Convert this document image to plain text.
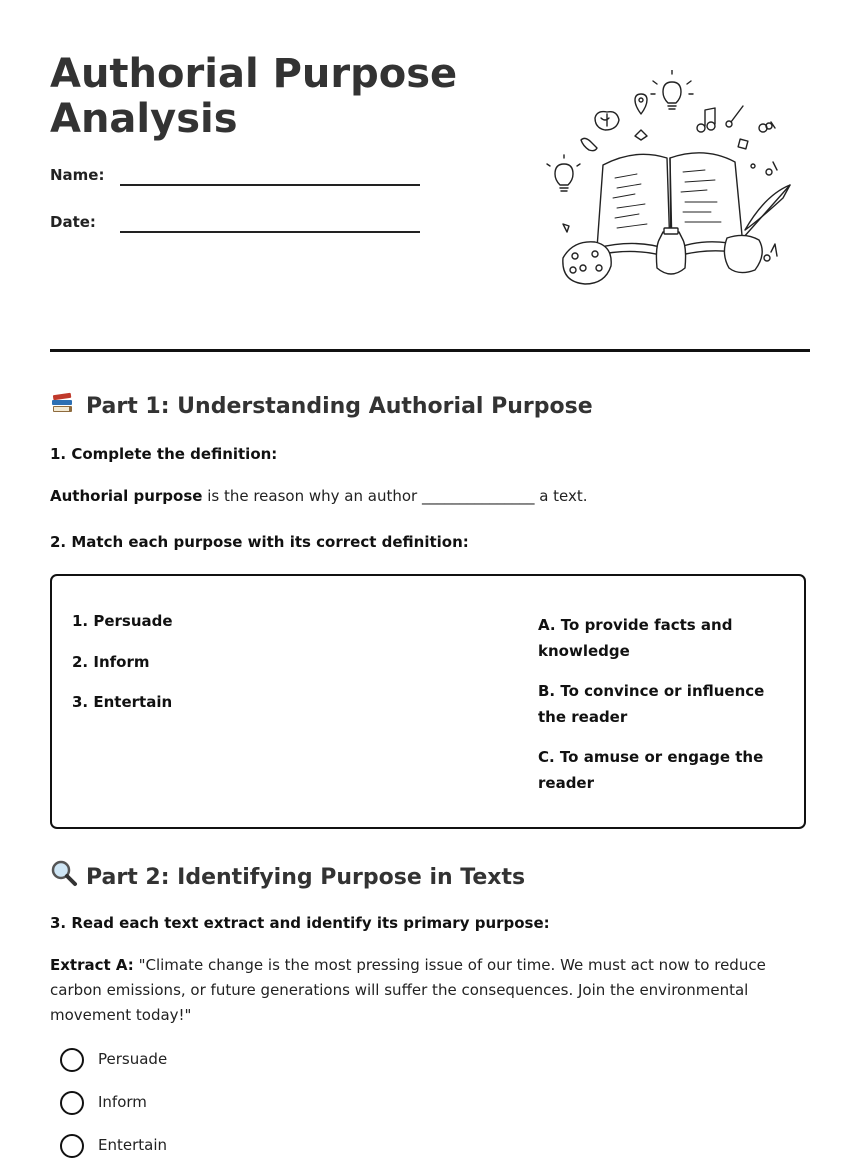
Authorial Purpose
Analysis
Name:
Date:
Part 1: Understanding Authorial Purpose
1. Complete the definition:
Authorial purpose is the reason why an author _______________ a text.
2. Match each purpose with its correct definition:
1. Persuade
2. Inform
3. Entertain
A. To provide facts and knowledge
B. To convince or influence the reader
C. To amuse or engage the reader
Part 2: Identifying Purpose in Texts
3. Read each text extract and identify its primary purpose:
Extract A: "Climate change is the most pressing issue of our time. We must act now to reduce carbon emissions, or future generations will suffer the consequences. Join the environmental movement today!"
Persuade
Inform
Entertain
